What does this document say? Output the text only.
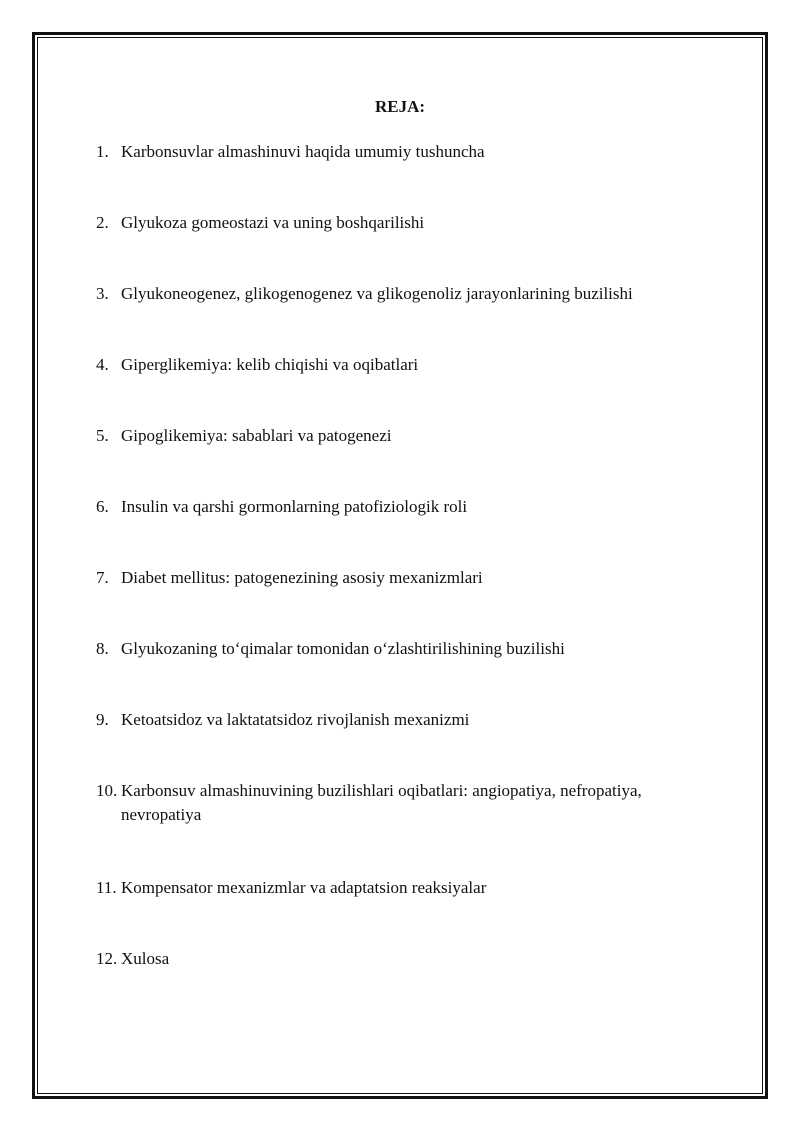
REJA:
1. Karbonsuvlar almashinuvi haqida umumiy tushuncha
2. Glyukoza gomeostazi va uning boshqarilishi
3. Glyukoneogenez, glikogenogenez va glikogenoliz jarayonlarining buzilishi
4. Giperglikemiya: kelib chiqishi va oqibatlari
5. Gipoglikemiya: sabablari va patogenezi
6. Insulin va qarshi gormonlarning patofiziologik roli
7. Diabet mellitus: patogenezining asosiy mexanizmlari
8. Glyukozaning to‘qimalar tomonidan o‘zlashtirilishining buzilishi
9. Ketoatsidoz va laktatatsidoz rivojlanish mexanizmi
10. Karbonsuv almashinuvining buzilishlari oqibatlari: angiopatiya, nefropatiya, nevropatiya
11. Kompensator mexanizmlar va adaptatsion reaksiyalar
12. Xulosa
